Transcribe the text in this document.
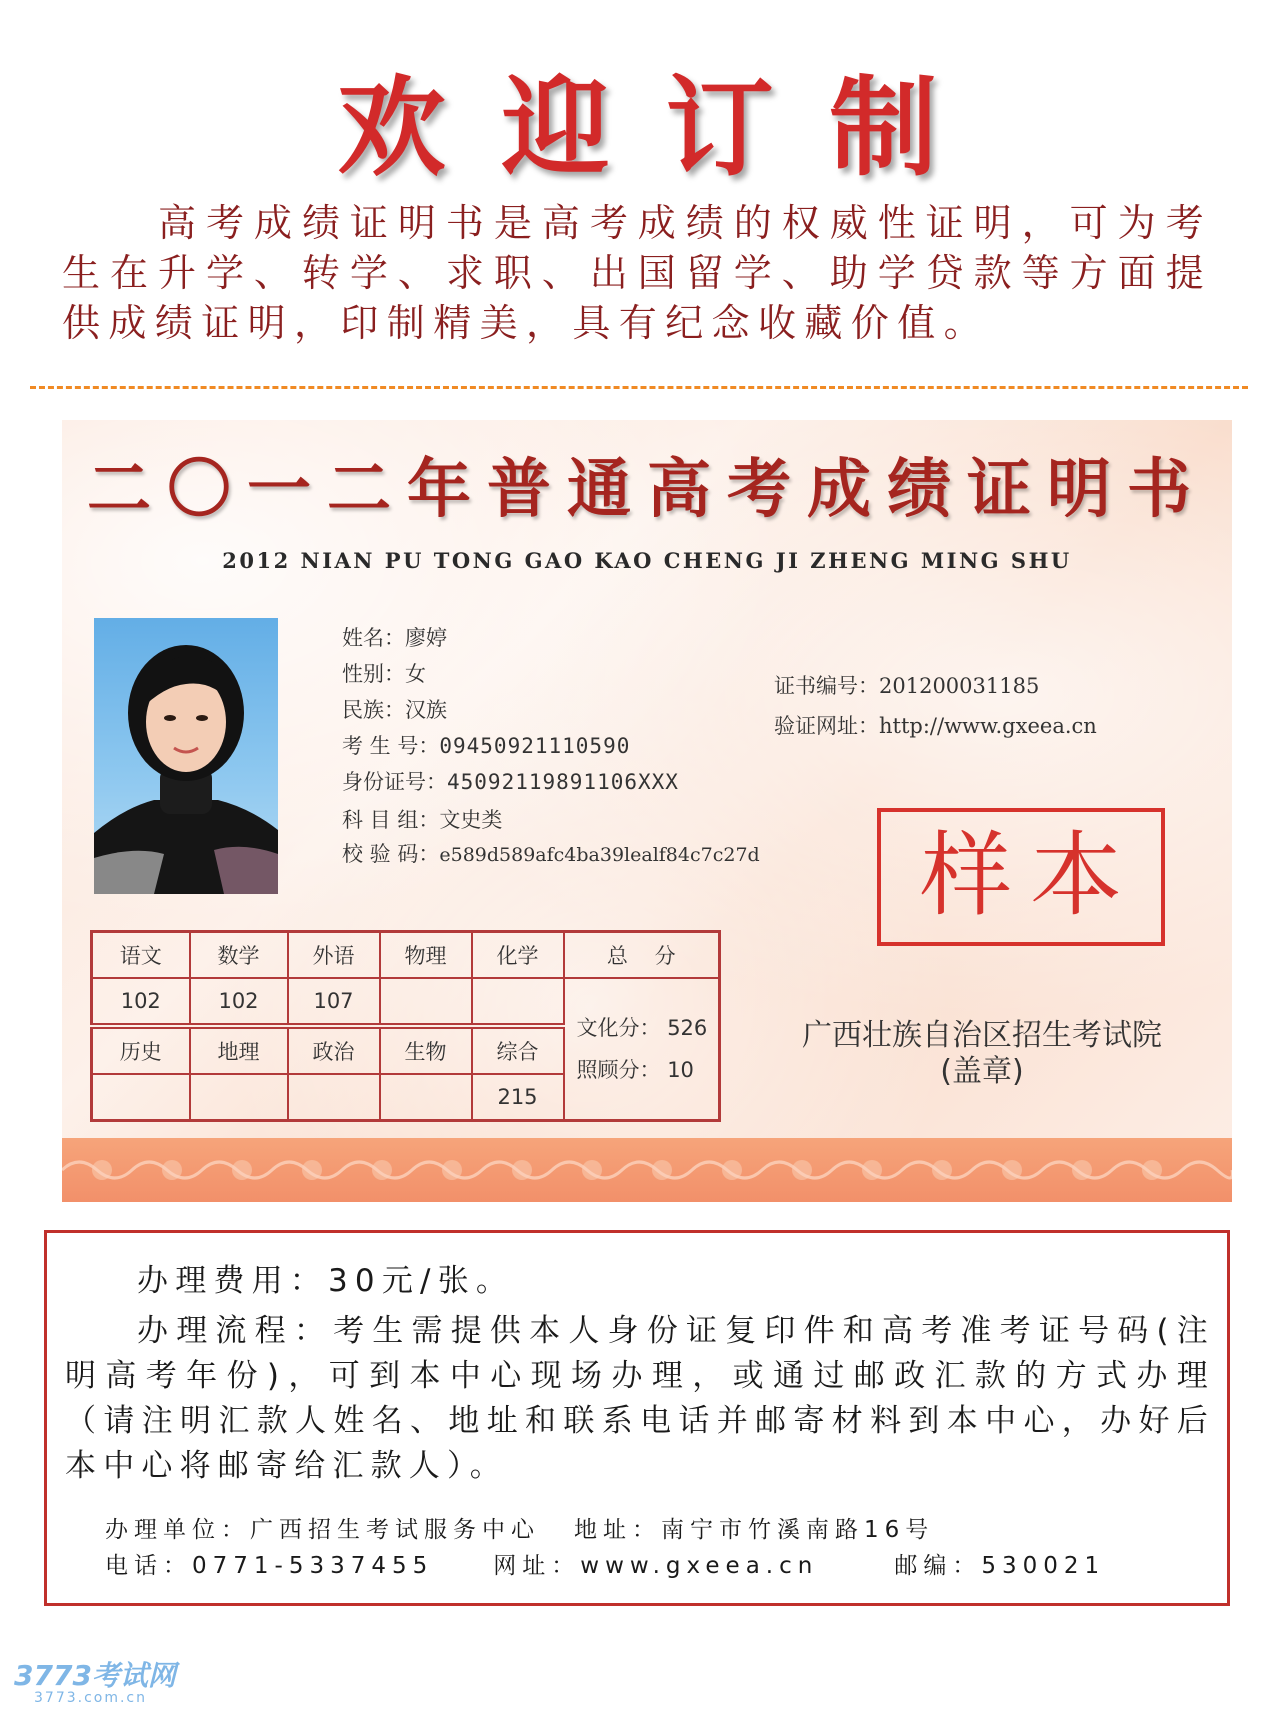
欢迎订制
高考成绩证明书是高考成绩的权威性证明，可为考生在升学、转学、求职、出国留学、助学贷款等方面提供成绩证明，印制精美，具有纪念收藏价值。
二〇一二年普通高考成绩证明书
2012 NIAN PU TONG GAO KAO CHENG JI ZHENG MING SHU
姓名：廖婷
性别：女
民族：汉族
考 生 号：09450921110590
身份证号：45092119891106XXX
科 目 组：文史类
校 验 码：e589d589afc4ba39lealf84c7c27d
证书编号：201200031185
验证网址：http://www.gxeea.cn
样本
语文	数学	外语	物理	化学	总    分
102	102	107			文化分： 526
照顾分： 10

历史	地理	政治	生物	综合	
				215	
广西壮族自治区招生考试院
(盖章)
办理费用：30元/张。
办理流程：考生需提供本人身份证复印件和高考准考证号码(注明高考年份)，可到本中心现场办理，或通过邮政汇款的方式办理（请注明汇款人姓名、地址和联系电话并邮寄材料到本中心，办好后本中心将邮寄给汇款人）。
办理单位：广西招生考试服务中心 地址：南宁市竹溪南路16号
电话：0771-5337455	网址：www.gxeea.cn	邮编：530021
3773考试网
3773.com.cn
